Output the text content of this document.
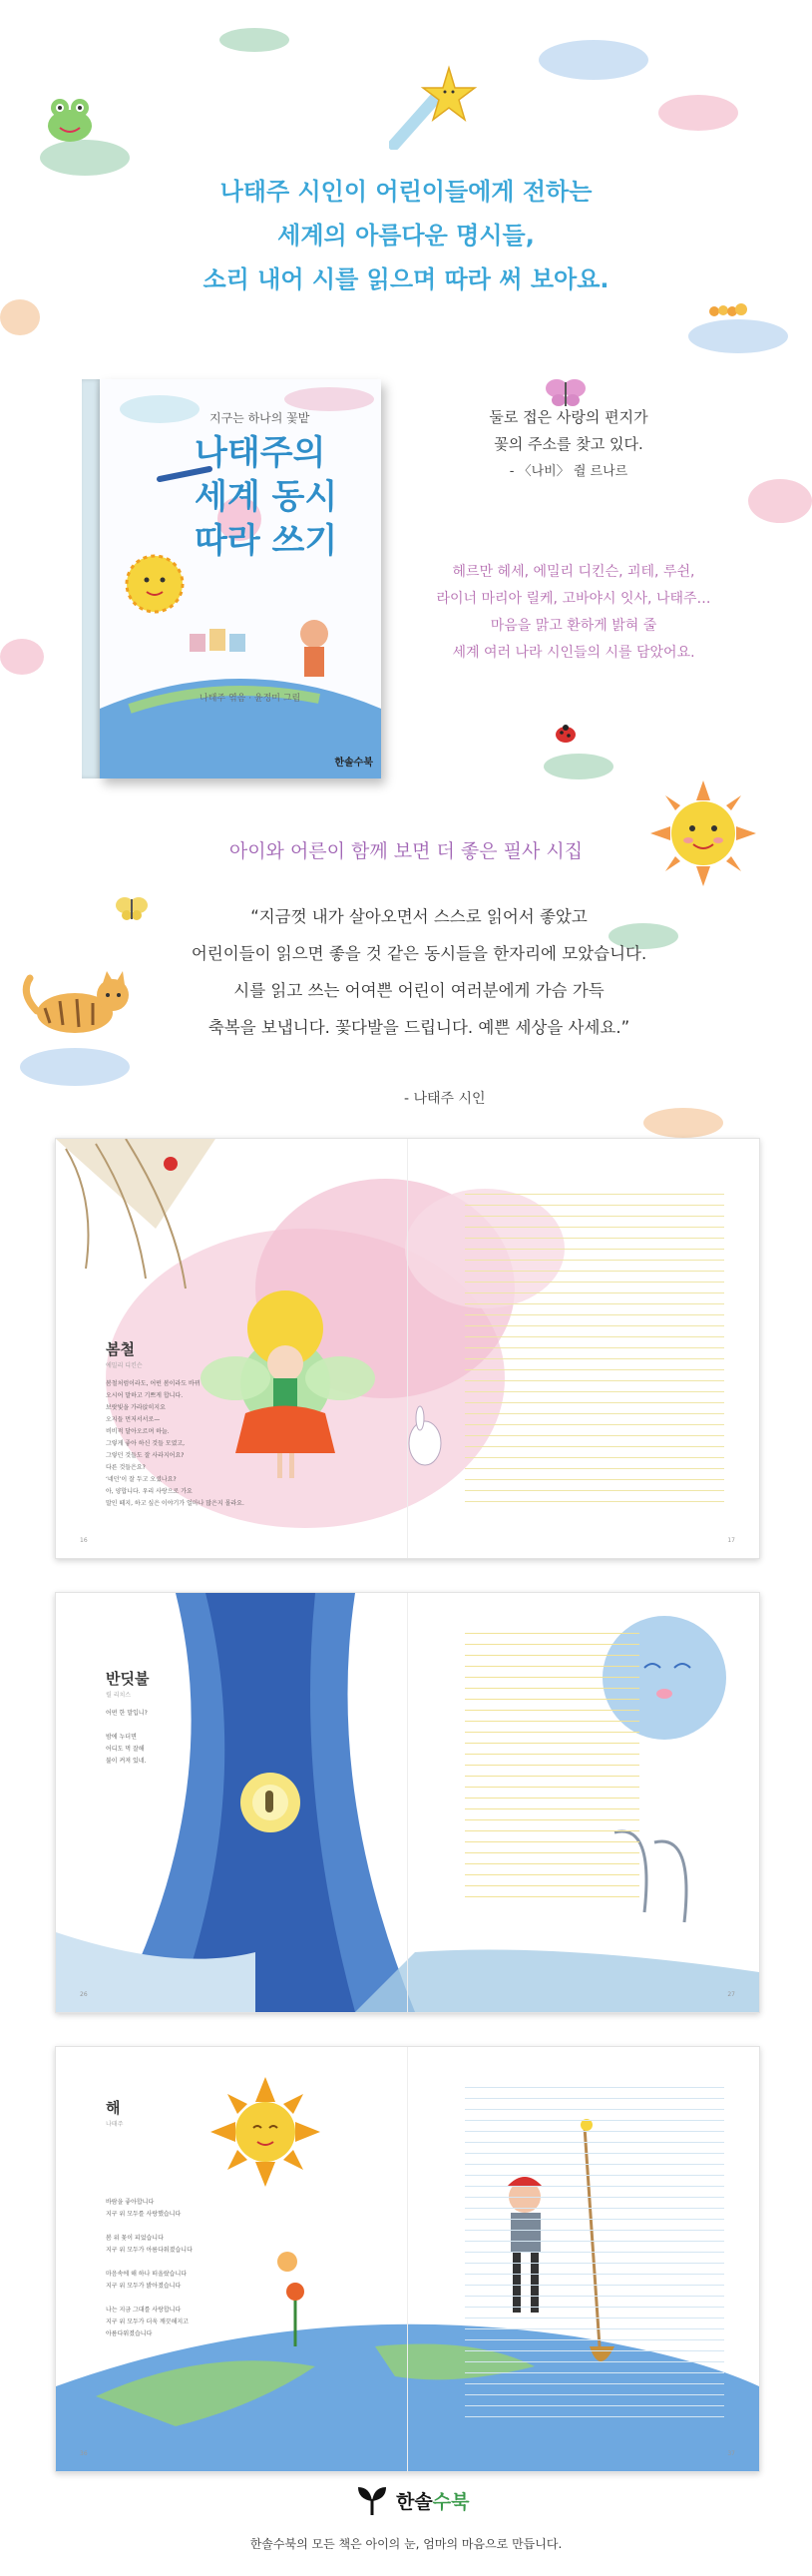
나태주 시인이 어린이들에게 전하는
세계의 아름다운 명시들,
소리 내어 시를 읽으며 따라 써 보아요.
지구는 하나의 꽃밭
나태주의
세계 동시
따라 쓰기
나태주 엮음 · 윤정미 그림
한솔수북
둘로 접은 사랑의 편지가
꽃의 주소를 찾고 있다.
- 〈나비〉 쥘 르나르
헤르만 헤세, 에밀리 디킨슨, 괴테, 루쉰,
라이너 마리아 릴케, 고바야시 잇사, 나태주…
마음을 맑고 환하게 밝혀 줄
세계 여러 나라 시인들의 시를 담았어요.
아이와 어른이 함께 보면 더 좋은 필사 시집
“지금껏 내가 살아오면서 스스로 읽어서 좋았고
어린이들이 읽으면 좋을 것 같은 동시들을 한자리에 모았습니다.
시를 읽고 쓰는 어여쁜 어린이 여러분에게 가슴 가득
축복을 보냅니다. 꽃다발을 드립니다. 예쁜 세상을 사세요.”
- 나태주 시인
봄철
에밀리 디킨슨
봄철처럼이라도, 어떤 봄이라도 바뀌
오시어 말하고 기쁘게 합니다.
보랏빛을 가라앉히지요
오지들 먼저서서로—
비비적 달아오르며 하늘.
그렇게 좋아 하신 것들 모였고,
그렇던 것들도 잘 사라지어요?
다른 것들은요?
‘네던’이 잘 두고 오셨나요?
아, 양합니다. 우리 사랑으로 가요
말인 떼지, 하고 싶은 이야기가 얼마나 많은지 몰라요.
16	17
반딧불
릴 리치스
어떤 한 말입니?

밤에 누더면
어디도 먹 잘해
불이 켜져 있네.
26	27
해
나태주
바람을 좋아합니다
지구 위 모두를 사랑했습니다

봄 위 꽃이 피었습니다
지구 위 모두가 아름다워졌습니다

마음속에 해 하나 떠올랐습니다
지구 위 모두가 밝아졌습니다

나는 지금 그대를 사랑합니다
지구 위 모두가 더욱 깨끗해지고
아름다워졌습니다
36	37
한솔수북
한솔수북의 모든 책은 아이의 눈, 엄마의 마음으로 만듭니다.
